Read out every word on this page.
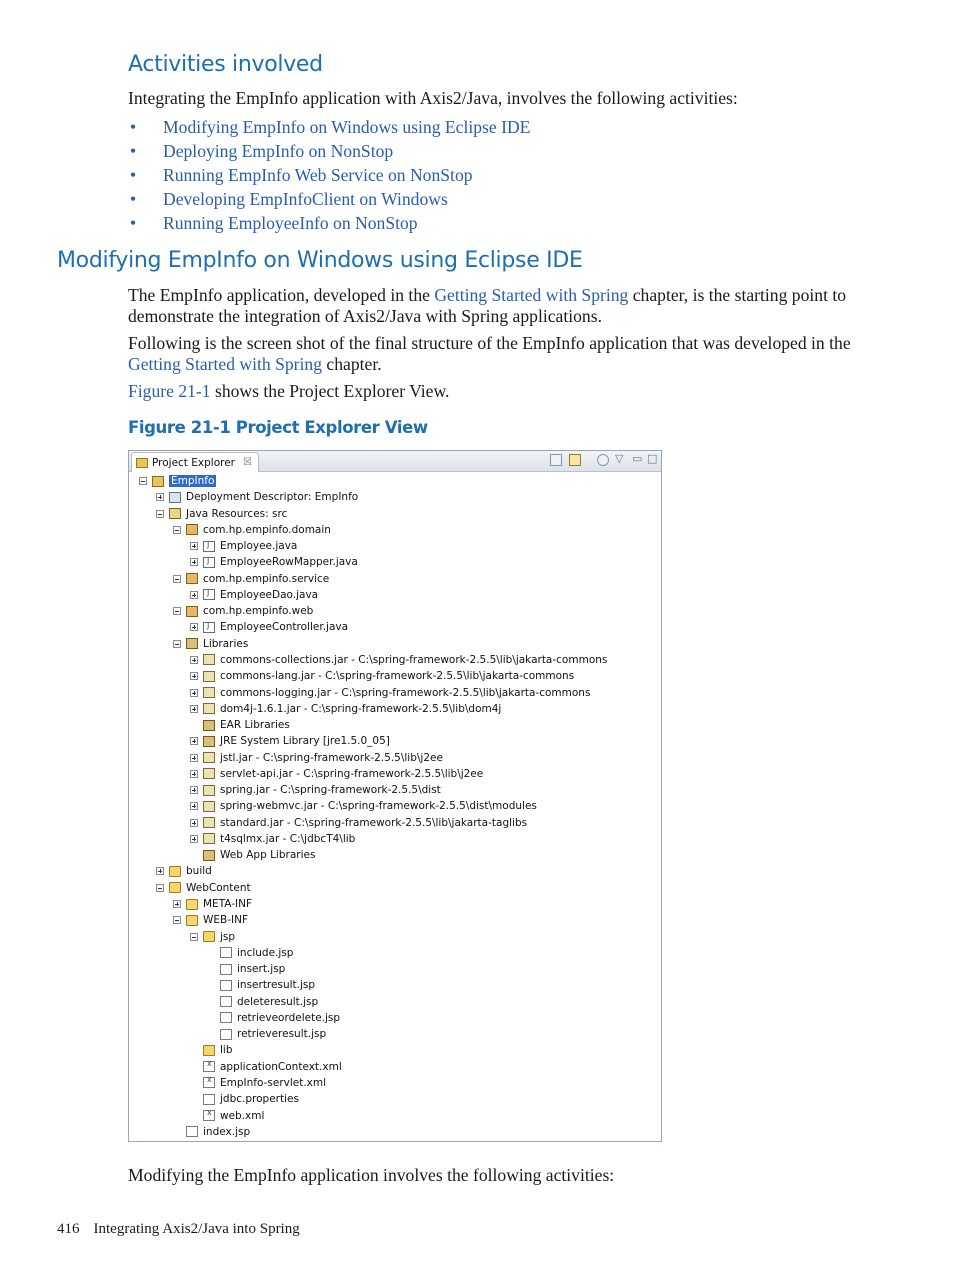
Activities involved

Integrating the EmpInfo application with Axis2/Java, involves the following activities:

• Modifying EmpInfo on Windows using Eclipse IDE
• Deploying EmpInfo on NonStop
• Running EmpInfo Web Service on NonStop
• Developing EmpInfoClient on Windows
• Running EmployeeInfo on NonStop
Modifying EmpInfo on Windows using Eclipse IDE

The EmpInfo application, developed in the Getting Started with Spring chapter, is the starting point to demonstrate the integration of Axis2/Java with Spring applications.

Following is the screen shot of the final structure of the EmpInfo application that was developed in the Getting Started with Spring chapter.

Figure 21-1 shows the Project Explorer View.

Figure 21-1 Project Explorer View

Project Explorer ☒	▽ ▭ □
EmpInfo
Deployment Descriptor: EmpInfo
Java Resources: src
com.hp.empinfo.domain
J
Employee.java
J
EmployeeRowMapper.java
com.hp.empinfo.service
J
EmployeeDao.java
com.hp.empinfo.web
J
EmployeeController.java
Libraries
commons-collections.jar - C:\spring-framework-2.5.5\lib\jakarta-commons
commons-lang.jar - C:\spring-framework-2.5.5\lib\jakarta-commons
commons-logging.jar - C:\spring-framework-2.5.5\lib\jakarta-commons
dom4j-1.6.1.jar - C:\spring-framework-2.5.5\lib\dom4j
EAR Libraries
JRE System Library [jre1.5.0_05]
jstl.jar - C:\spring-framework-2.5.5\lib\j2ee
servlet-api.jar - C:\spring-framework-2.5.5\lib\j2ee
spring.jar - C:\spring-framework-2.5.5\dist
spring-webmvc.jar - C:\spring-framework-2.5.5\dist\modules
standard.jar - C:\spring-framework-2.5.5\lib\jakarta-taglibs
t4sqlmx.jar - C:\jdbcT4\lib
Web App Libraries
build
WebContent
META-INF
WEB-INF
jsp
include.jsp
insert.jsp
insertresult.jsp
deleteresult.jsp
retrieveordelete.jsp
retrieveresult.jsp
lib
x
applicationContext.xml
x
EmpInfo-servlet.xml
jdbc.properties
x
web.xml
index.jsp

Modifying the EmpInfo application involves the following activities:

416 Integrating Axis2/Java into Spring
